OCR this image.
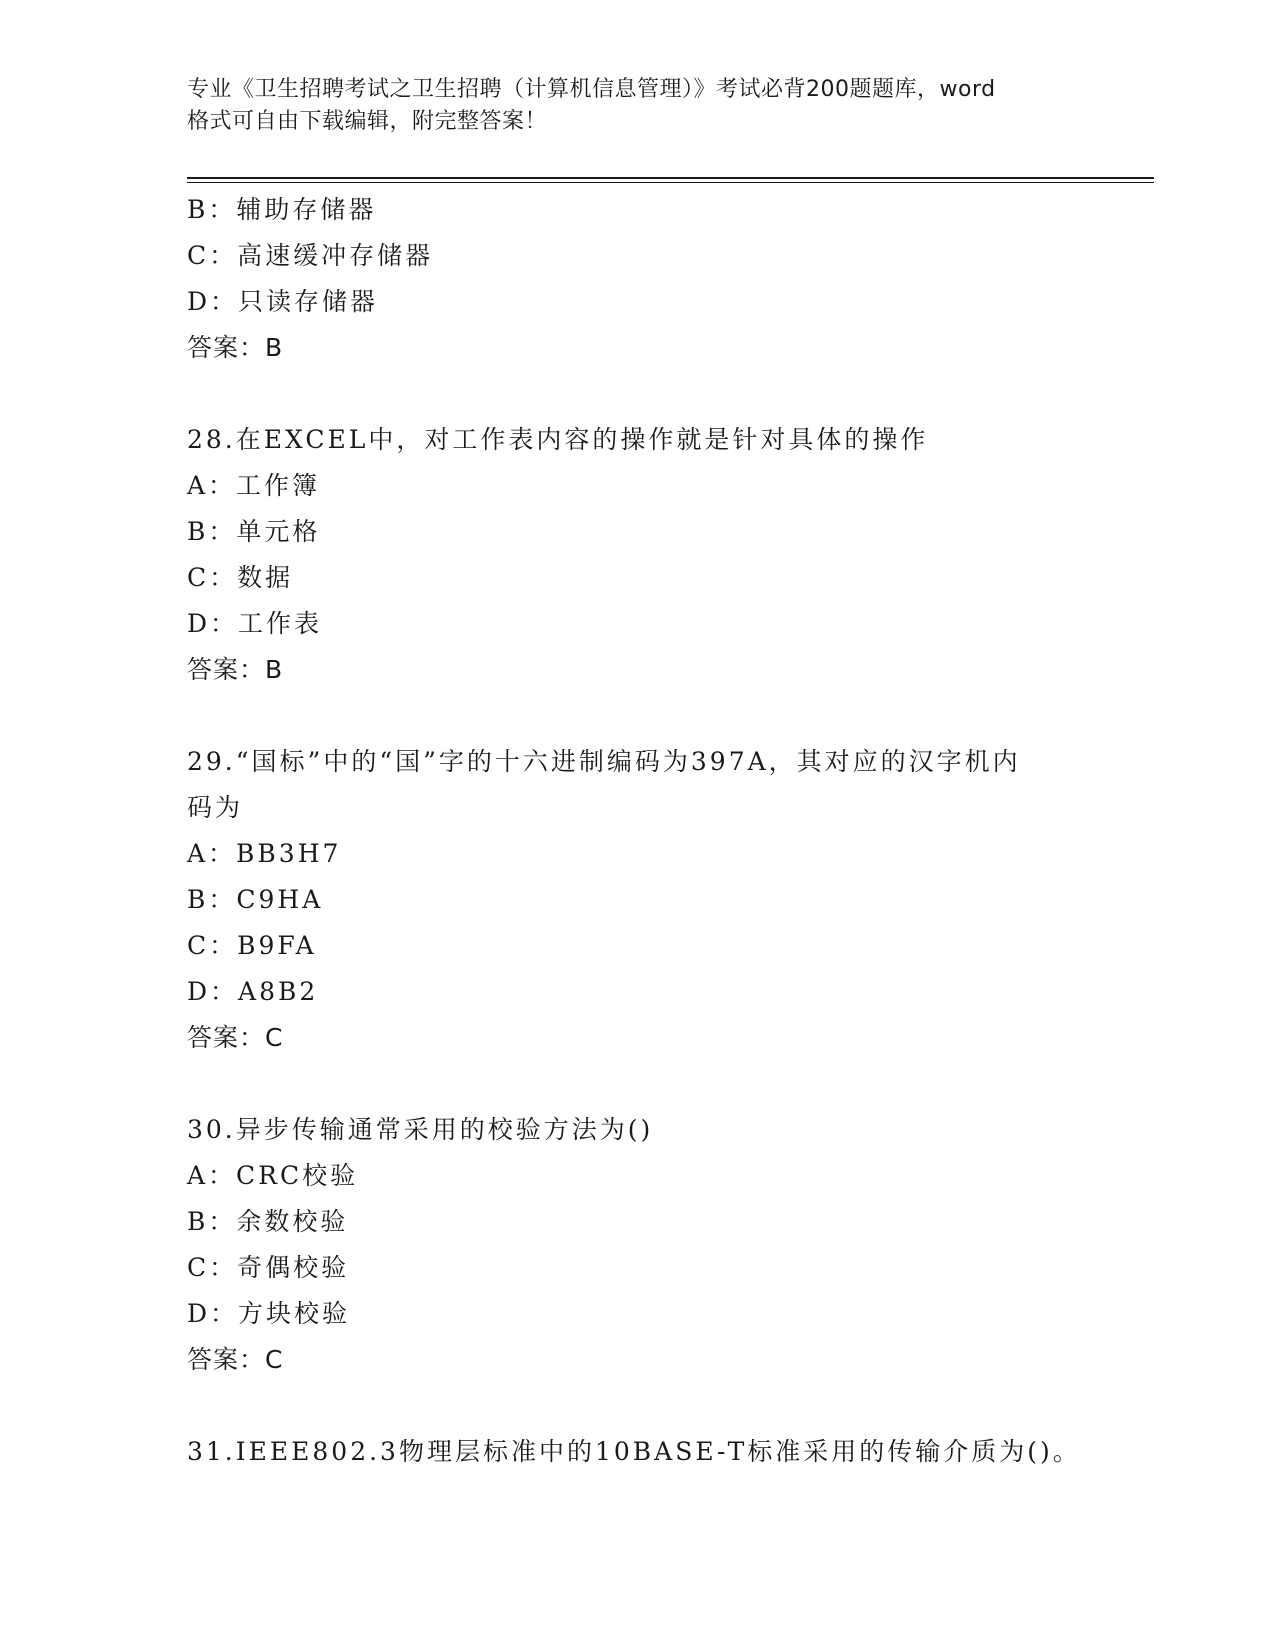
专业《卫生招聘考试之卫生招聘（计算机信息管理）》考试必背200题题库，word
格式可自由下载编辑，附完整答案！
B：辅助存储器
C：高速缓冲存储器
D：只读存储器
答案：B
28.在EXCEL中，对工作表内容的操作就是针对具体的操作
A：工作簿
B：单元格
C：数据
D：工作表
答案：B
29.“国标”中的“国”字的十六进制编码为397A，其对应的汉字机内
码为
A：BB3H7
B：C9HA
C：B9FA
D：A8B2
答案：C
30.异步传输通常采用的校验方法为()
A：CRC校验
B：余数校验
C：奇偶校验
D：方块校验
答案：C
31.IEEE802.3物理层标准中的10BASE-T标准采用的传输介质为()。
